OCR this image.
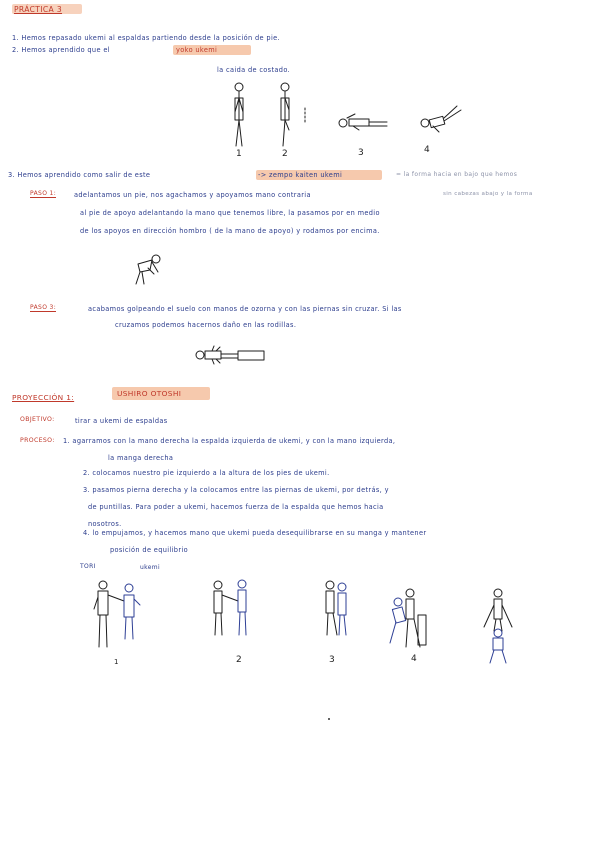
PRÁCTICA 3
1. Hemos repasado ukemi al espaldas partiendo desde la posición de pie.
2. Hemos aprendido que el	yoko ukemi
la caida de costado.
1	2	3	4
3. Hemos aprendido como salir de este	-> zempo kaiten ukemi	= la forma hacia en bajo que hemos
sin cabezas abajo y la forma
PASO 1:	adelantamos un pie, nos agachamos y apoyamos mano contraria
al pie de apoyo adelantando la mano que tenemos libre, la pasamos por en medio
de los apoyos en dirección hombro ( de la mano de apoyo) y rodamos por encima.
PASO 3:	acabamos golpeando el suelo con manos de ozorna y con las piernas sin cruzar. Si las
cruzamos podemos hacernos daño en las rodillas.
PROYECCIÓN 1:	USHIRO OTOSHI
OBJETIVO:	tirar a ukemi de espaldas
PROCESO: 1. agarramos con la mano derecha la espalda izquierda de ukemi, y con la mano izquierda,
la manga derecha
2. colocamos nuestro pie izquierdo a la altura de los pies de ukemi.
3. pasamos pierna derecha y la colocamos entre las piernas de ukemi, por detrás, y
de puntillas. Para poder a ukemi, hacemos fuerza de la espalda que hemos hacia
nosotros.
4. lo empujamos, y hacemos mano que ukemi pueda desequilibrarse en su manga y mantener
posición de equilibrio
TORI	ukemi
1	2	3	4
